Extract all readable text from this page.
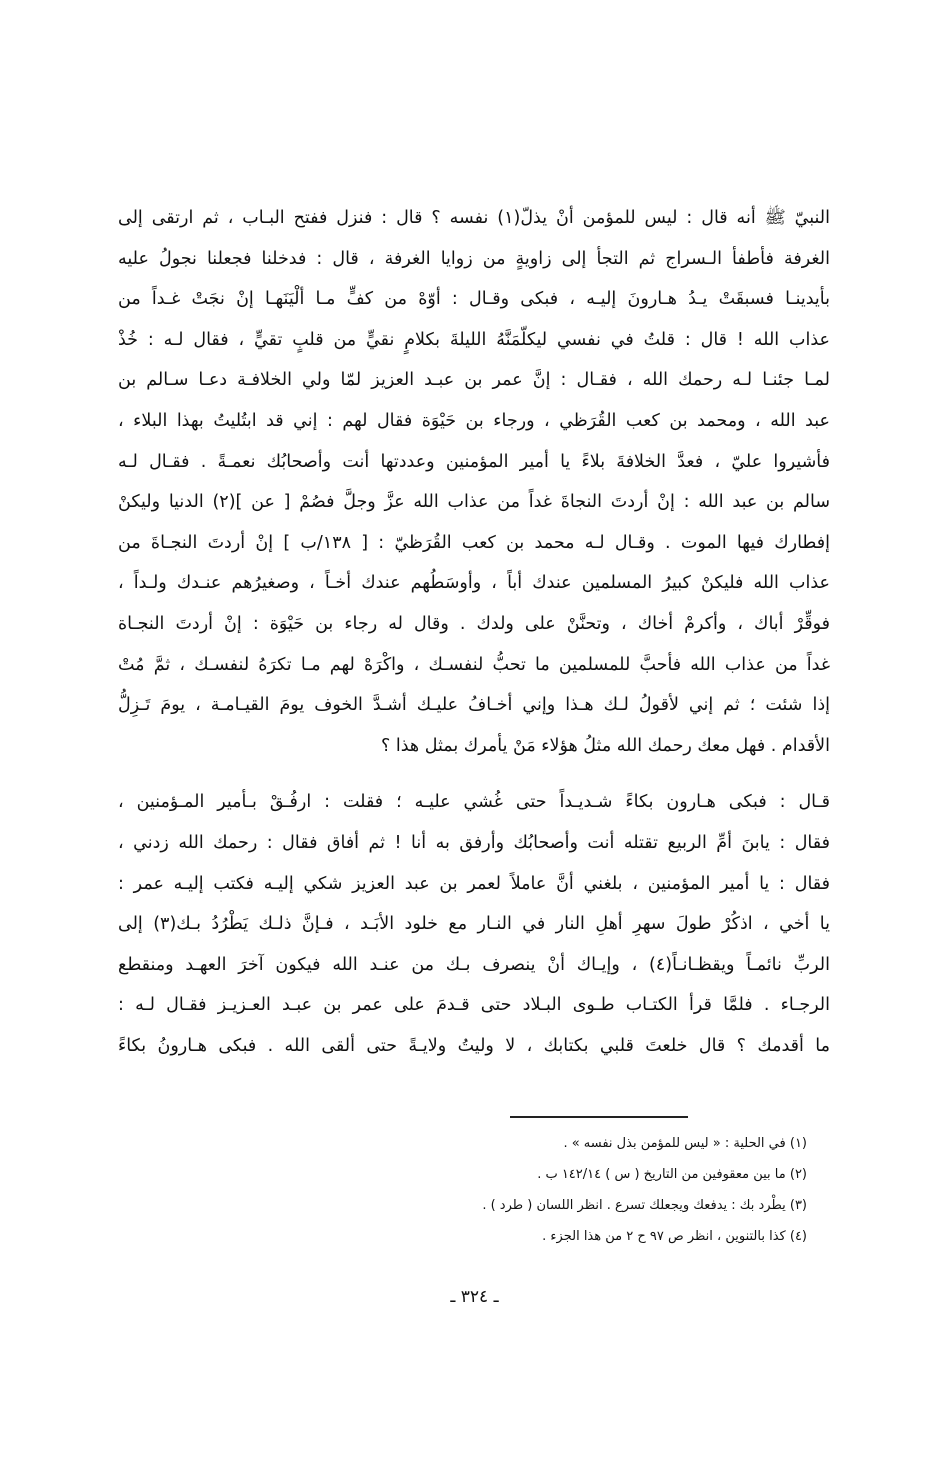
النبيّ ﷺ أنه قال : ليس للمؤمن أنْ يذلّ(١) نفسه ؟ قال : فنزل ففتح البـاب ، ثم ارتقى إلى
الغرفة فأطفأ الـسراج ثم التجأ إلى زاويةٍ من زوايا الغرفة ، قال : فدخلنا فجعلنا نجولُ عليه
بأيدينـا فسبقَتْ يـدُ هـارونَ إليـه ، فبكى وقـال : أوّهْ من كفٍّ مـا ألْيَنَهـا إنْ نجَتْ غـداً من
عذاب الله ! قال : قلتُ في نفسي ليكلّمَنَّهُ الليلةَ بكلامٍ نقيٍّ من قلبٍ تقيٍّ ، فقال لـه : خُذْ
لمـا جئنـا لـه رحمك الله ، فقـال : إنَّ عمر بن عبـد العزيز لمّا ولي الخلافـة دعـا سـالم بن
عبد الله ، ومحمد بن كعب القُرَظي ، ورجاء بن حَيْوَة فقال لهم : إني قد ابتُليتُ بهذا البلاء ،
فأشيروا عليّ ، فعدَّ الخلافةَ بلاءً يا أمير المؤمنين وعددتها أنت وأصحابُك نعمـةً . فقـال لـه
سالم بن عبد الله : إنْ أردتَ النجاةَ غداً من عذاب الله عزَّ وجلَّ فصُمْ [ عن ](٢) الدنيا وليكنْ
إفطارك فيها الموت . وقـال لـه محمد بن كعب القُرَظيّ : [ ١٣٨/ب ] إنْ أردتَ النجـاةَ من
عذاب الله فليكنْ كبيرُ المسلمين عندك أباً ، وأوسَطُهم عندك أخـاً ، وصغيرُهم عنـدك ولـداً ،
فوقِّرْ أباك ، وأكرمْ أخاك ، وتحنَّنْ على ولدك . وقال له رجاء بن حَيْوَة : إنْ أردتَ النجـاة
غداً من عذاب الله فأحبَّ للمسلمين ما تحبُّ لنفسـك ، واكْرَهْ لهم مـا تكرَهُ لنفسـك ، ثمَّ مُتْ
إذا شئت ؛ ثم إني لأقولُ لـك هـذا وإني أخـافُ عليـك أشـدَّ الخوف يومَ القيـامـة ، يومَ تَـزِلُّ
الأقدام . فهل معك رحمك الله مثلُ هؤلاء مَنْ يأمرك بمثل هذا ؟
قـال : فبكى هـارون بكاءً شـديـداً حتى غُشي عليـه ؛ فقلت : ارفُـقْ بـأمير المـؤمنين ،
فقال : يابنَ أمِّ الربيع تقتله أنت وأصحابُك وأرفق به أنا ! ثم أفاق فقال : رحمك الله زدني ،
فقال : يا أمير المؤمنين ، بلغني أنَّ عاملاً لعمر بن عبد العزيز شكي إليـه فكتب إليـه عمر :
يا أخي ، اذكُرْ طولَ سهرِ أهلِ النار في النـار مع خلود الأبَـد ، فـإنَّ ذلـك يَطْرُدُ بـك(٣) إلى
الربِّ نائمـاً ويقظـانـاً(٤) ، وإيـاك أنْ ينصرف بـك من عنـد الله فيكون آخرَ العهـد ومنقطع
الرجـاء . فلمَّا قرأ الكتـاب طـوى البـلاد حتى قـدمَ على عمر بن عبـد العـزيـز فقـال لـه :
ما أقدمك ؟ قال خلعتَ قلبي بكتابك ، لا وليتُ ولايـةً حتى ألقى الله . فبكى هـارونُ بكاءً
(١) في الحلية : « ليس للمؤمن بذل نفسه » .
(٢) ما بين معقوفين من التاريخ ( س ) ١٤٢/١٤ ب .
(٣) يطْرد بك : يدفعك ويجعلك تسرع . انظر اللسان ( طرد ) .
(٤) كذا بالتنوين ، انظر ص ٩٧ ح ٢ من هذا الجزء .
ـ ٣٢٤ ـ
